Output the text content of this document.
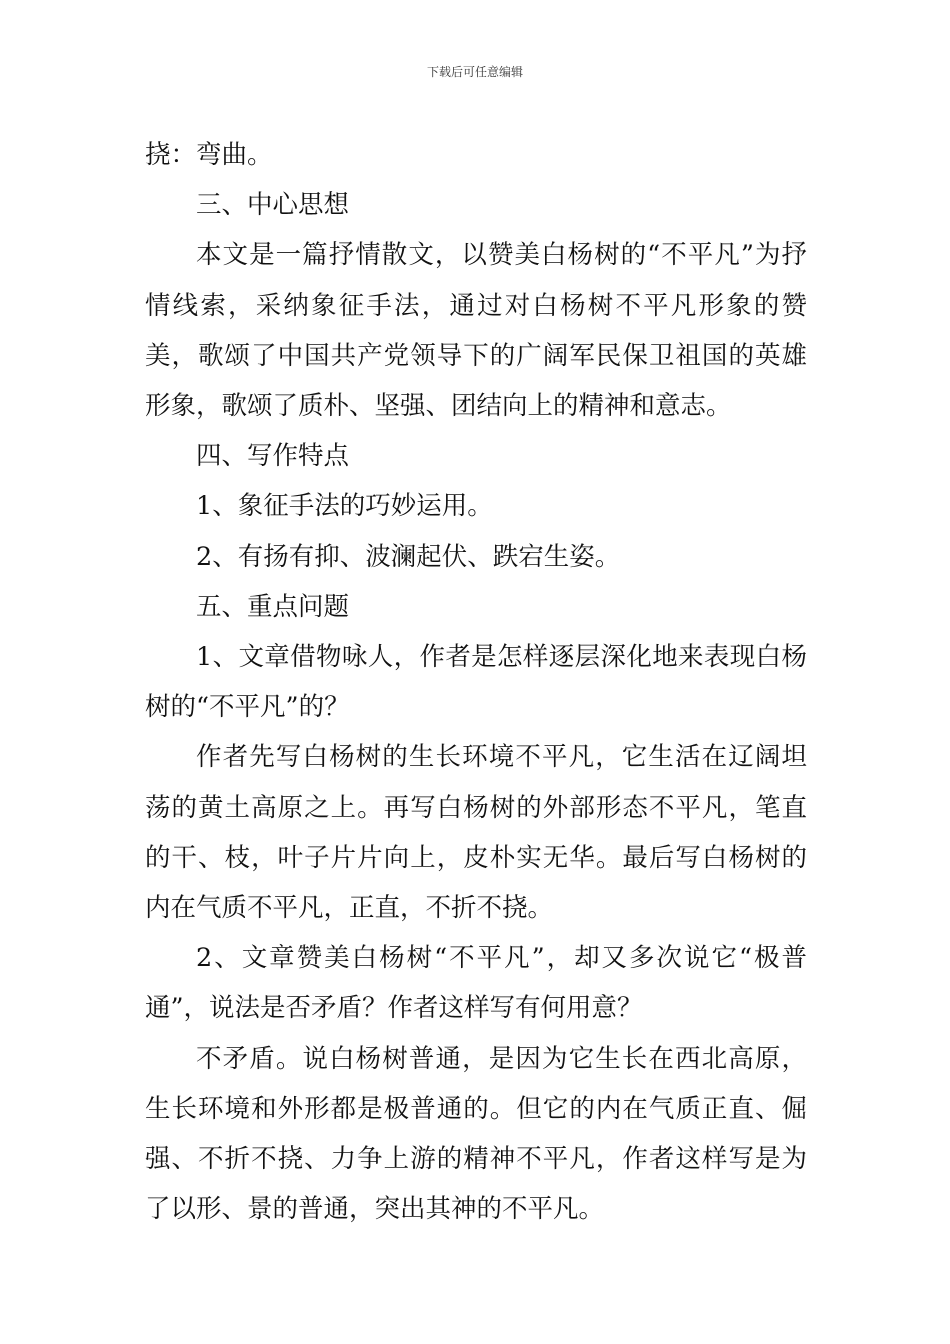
下载后可任意编辑

挠：弯曲。

三、中心思想

本文是一篇抒情散文，以赞美白杨树的“不平凡”为抒情线索，采纳象征手法，通过对白杨树不平凡形象的赞美，歌颂了中国共产党领导下的广阔军民保卫祖国的英雄形象，歌颂了质朴、坚强、团结向上的精神和意志。

四、写作特点

1、象征手法的巧妙运用。

2、有扬有抑、波澜起伏、跌宕生姿。

五、重点问题

1、文章借物咏人，作者是怎样逐层深化地来表现白杨树的“不平凡”的？

作者先写白杨树的生长环境不平凡，它生活在辽阔坦荡的黄土高原之上。再写白杨树的外部形态不平凡，笔直的干、枝，叶子片片向上，皮朴实无华。最后写白杨树的内在气质不平凡，正直，不折不挠。

2、文章赞美白杨树“不平凡”，却又多次说它“极普通”，说法是否矛盾？作者这样写有何用意？

不矛盾。说白杨树普通，是因为它生长在西北高原，生长环境和外形都是极普通的。但它的内在气质正直、倔强、不折不挠、力争上游的精神不平凡，作者这样写是为了以形、景的普通，突出其神的不平凡。
